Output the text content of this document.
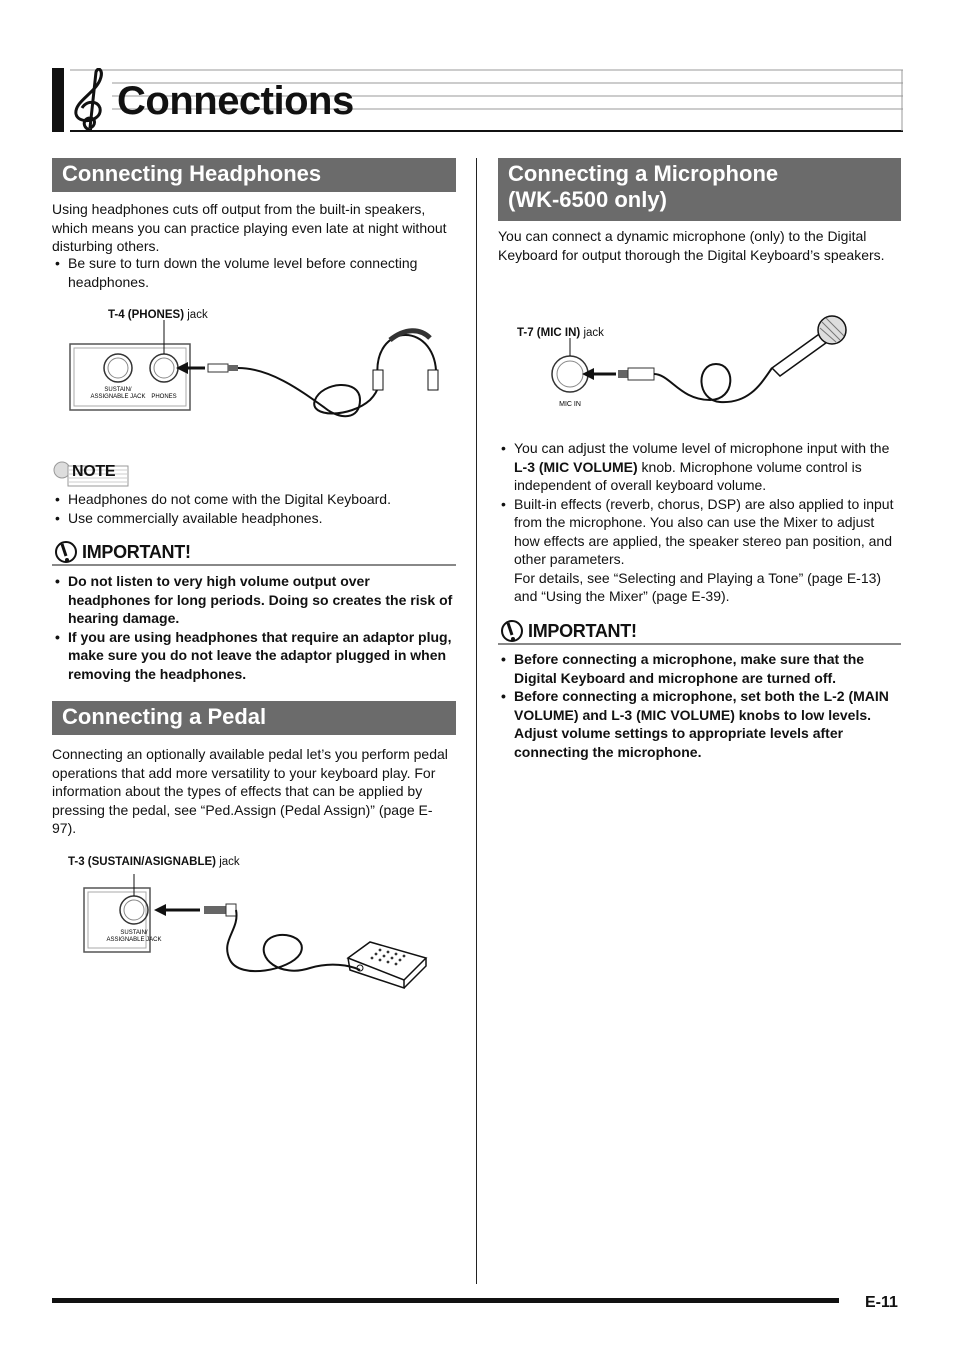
Connections
Connecting Headphones

Using headphones cuts off output from the built-in speakers, which means you can practice playing even late at night without disturbing others.

• Be sure to turn down the volume level before connecting headphones.

T-4 (PHONES) jack

SUSTAIN/
ASSIGNABLE JACK PHONES
NOTE
• Headphones do not come with the Digital Keyboard.
• Use commercially available headphones.
IMPORTANT!
• Do not listen to very high volume output over headphones for long periods. Doing so creates the risk of hearing damage.
• If you are using headphones that require an adaptor plug, make sure you do not leave the adaptor plugged in when removing the headphones.
Connecting a Pedal

Connecting an optionally available pedal let’s you perform pedal operations that add more versatility to your keyboard play. For information about the types of effects that can be applied by pressing the pedal, see “Ped.Assign (Pedal Assign)” (page E-97).

T-3 (SUSTAIN/ASIGNABLE) jack

SUSTAIN/
ASSIGNABLE JACK
Connecting a Microphone
(WK-6500 only)

You can connect a dynamic microphone (only) to the Digital Keyboard for output thorough the Digital Keyboard’s speakers.

T-7 (MIC IN) jack

MIC IN
• You can adjust the volume level of microphone input with the L-3 (MIC VOLUME) knob. Microphone volume control is independent of overall keyboard volume.
• Built-in effects (reverb, chorus, DSP) are also applied to input from the microphone. You also can use the Mixer to adjust how effects are applied, the speaker stereo pan position, and other parameters.
For details, see “Selecting and Playing a Tone” (page E-13) and “Using the Mixer” (page E-39).
IMPORTANT!
• Before connecting a microphone, make sure that the Digital Keyboard and microphone are turned off.
• Before connecting a microphone, set both the L-2 (MAIN VOLUME) and L-3 (MIC VOLUME) knobs to low levels. Adjust volume settings to appropriate levels after connecting the microphone.
E-11
